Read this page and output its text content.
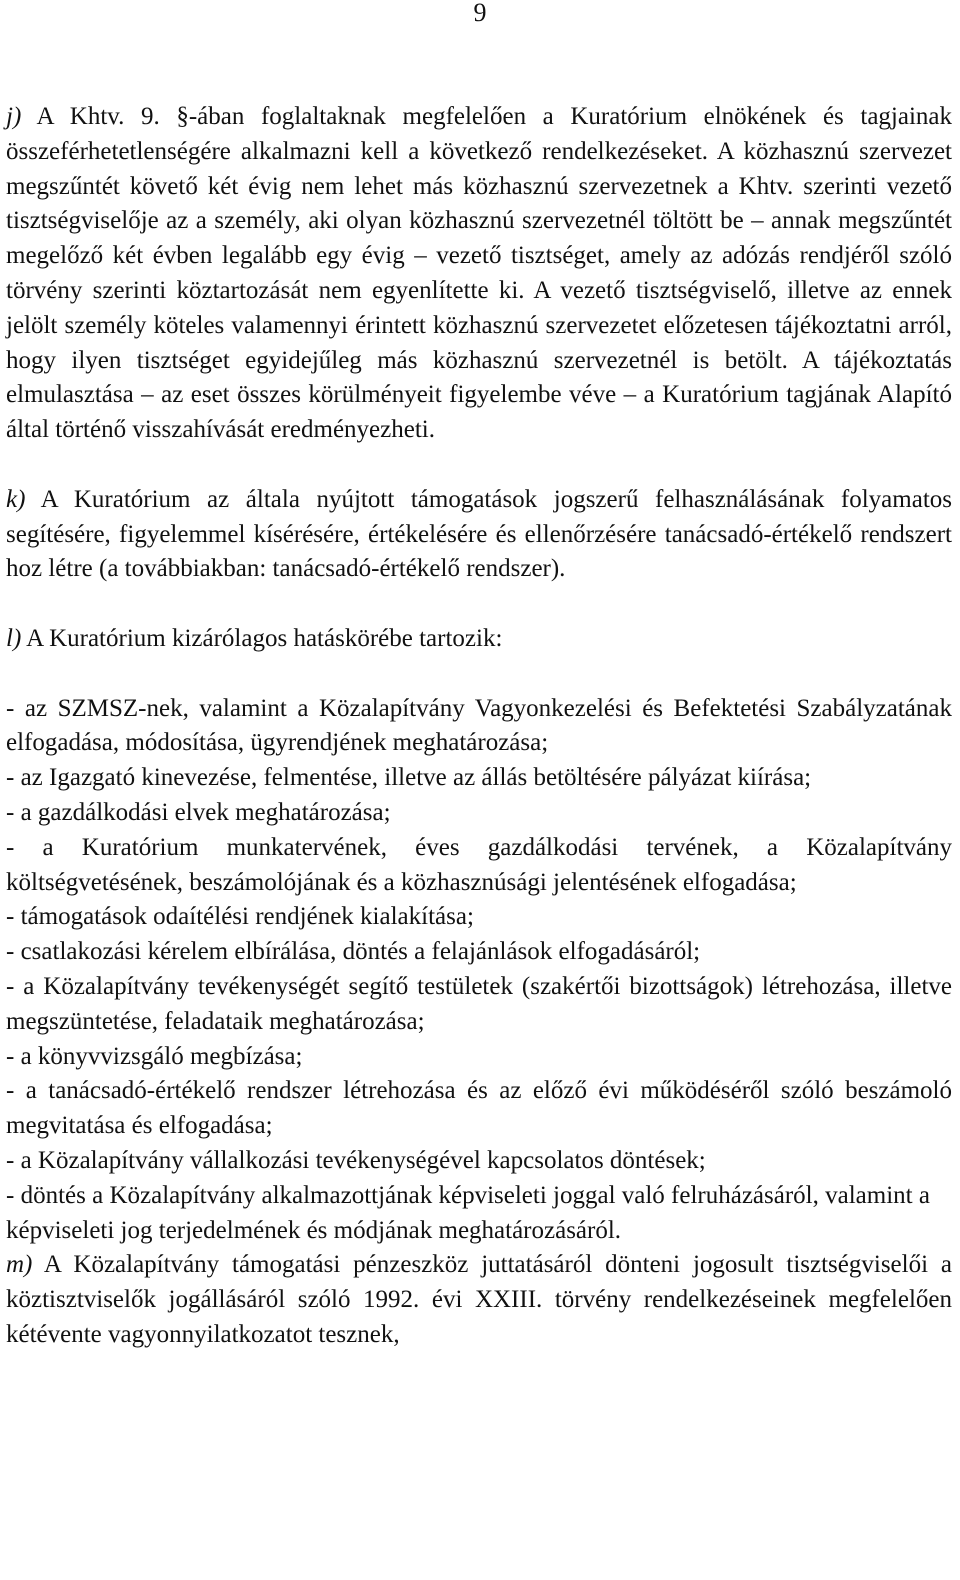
9

j) A Khtv. 9. §-ában foglaltaknak megfelelően a Kuratórium elnökének és tagjainak összeférhetetlenségére alkalmazni kell a következő rendelkezéseket. A közhasznú szervezet megszűntét követő két évig nem lehet más közhasznú szervezetnek a Khtv. szerinti vezető tisztségviselője az a személy, aki olyan közhasznú szervezetnél töltött be – annak megszűntét megelőző két évben legalább egy évig – vezető tisztséget, amely az adózás rendjéről szóló törvény szerinti köztartozását nem egyenlítette ki. A vezető tisztségviselő, illetve az ennek jelölt személy köteles valamennyi érintett közhasznú szervezetet előzetesen tájékoztatni arról, hogy ilyen tisztséget egyidejűleg más közhasznú szervezetnél is betölt. A tájékoztatás elmulasztása – az eset összes körülményeit figyelembe véve – a Kuratórium tagjának Alapító által történő visszahívását eredményezheti.

k) A Kuratórium az általa nyújtott támogatások jogszerű felhasználásának folyamatos segítésére, figyelemmel kísérésére, értékelésére és ellenőrzésére tanácsadó-értékelő rendszert hoz létre (a továbbiakban: tanácsadó-értékelő rendszer).

l) A Kuratórium kizárólagos hatáskörébe tartozik:

- az SZMSZ-nek, valamint a Közalapítvány Vagyonkezelési és Befektetési Szabályzatának elfogadása, módosítása, ügyrendjének meghatározása;
- az Igazgató kinevezése, felmentése, illetve az állás betöltésére pályázat kiírása;
- a gazdálkodási elvek meghatározása;
- a Kuratórium munkatervének, éves gazdálkodási tervének, a Közalapítvány költségvetésének, beszámolójának és a közhasznúsági jelentésének elfogadása;
- támogatások odaítélési rendjének kialakítása;
- csatlakozási kérelem elbírálása, döntés a felajánlások elfogadásáról;
- a Közalapítvány tevékenységét segítő testületek (szakértői bizottságok) létrehozása, illetve megszüntetése, feladataik meghatározása;
- a könyvvizsgáló megbízása;
- a tanácsadó-értékelő rendszer létrehozása és az előző évi működéséről szóló beszámoló megvitatása és elfogadása;
- a Közalapítvány vállalkozási tevékenységével kapcsolatos döntések;
- döntés a Közalapítvány alkalmazottjának képviseleti joggal való felruházásáról, valamint a képviseleti jog terjedelmének és módjának meghatározásáról.

m) A Közalapítvány támogatási pénzeszköz juttatásáról dönteni jogosult tisztségviselői a köztisztviselők jogállásáról szóló 1992. évi XXIII. törvény rendelkezéseinek megfelelően kétévente vagyonnyilatkozatot tesznek,
